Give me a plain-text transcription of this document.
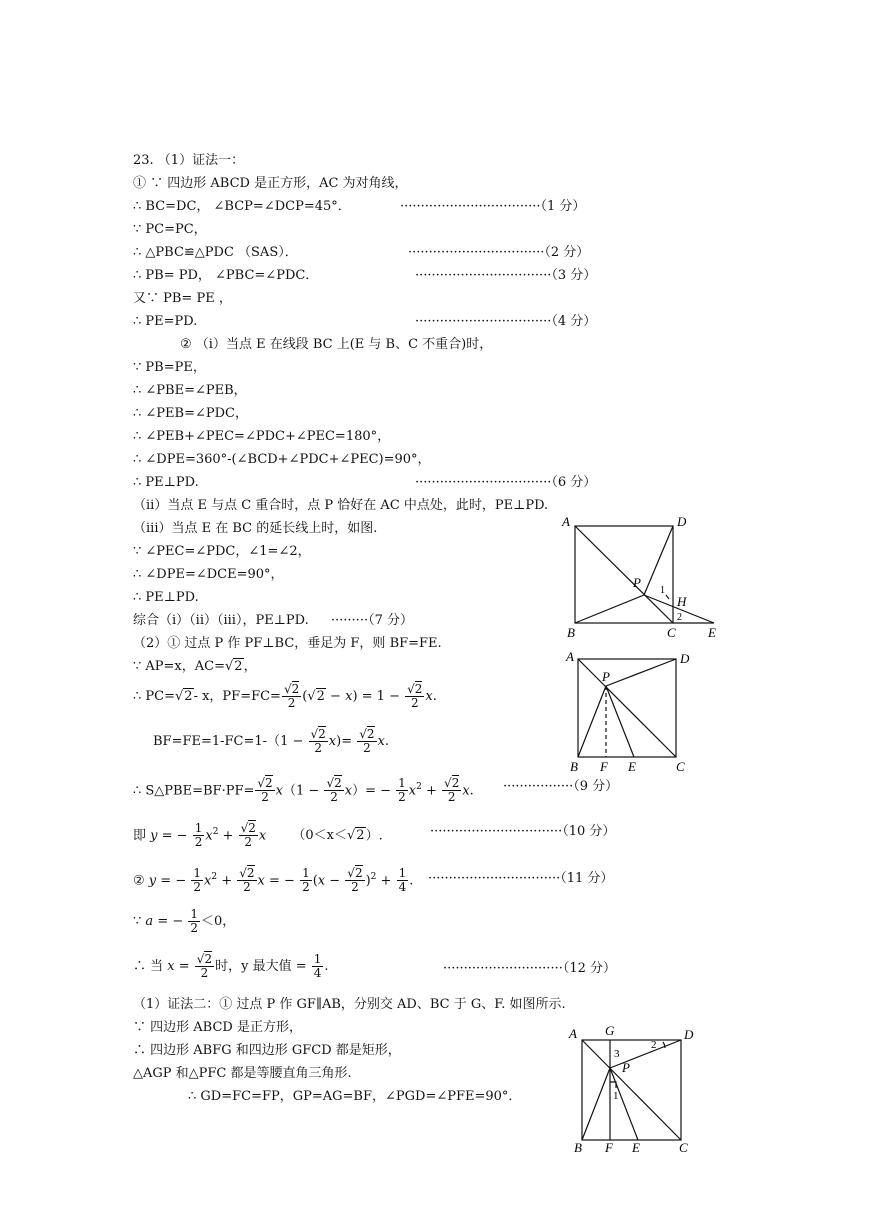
23. （1）证法一：
① ∵ 四边形 ABCD 是正方形，AC 为对角线，
∴ BC=DC， ∠BCP=∠DCP=45°．	··································（1 分）
∵ PC=PC，
∴ △PBC≌△PDC （SAS）．	·································（2 分）
∴ PB= PD， ∠PBC=∠PDC．	·································（3 分）
又∵ PB= PE ，
∴ PE=PD.	·································（4 分）
② （i）当点 E 在线段 BC 上(E 与 B、C 不重合)时，
∵ PB=PE，
∴ ∠PBE=∠PEB，
∴ ∠PEB=∠PDC，
∴ ∠PEB+∠PEC=∠PDC+∠PEC=180°，
∴ ∠DPE=360°-(∠BCD+∠PDC+∠PEC)=90°，
∴ PE⊥PD.	·································（6 分）
（ii）当点 E 与点 C 重合时，点 P 恰好在 AC 中点处，此时，PE⊥PD.
（iii）当点 E 在 BC 的延长线上时，如图.
∵ ∠PEC=∠PDC，∠1=∠2，
∴ ∠DPE=∠DCE=90°，
∴ PE⊥PD.
综合（i）（ii）（iii），PE⊥PD. ·········（7 分）
（2）① 过点 P 作 PF⊥BC，垂足为 F，则 BF=FE.
∵ AP=x，AC=√2，
∴ PC=√2- x，$PF=FC= \frac{√2}{2} (√2 - x) = 1 - \frac{√2}{2} x$.
$BF=FE=1-FC=1-(1 - \frac{√2}{2} x)= \frac{√2}{2} x$.
∴ S△PBE=BF·PF= $\frac{√2}{2} x(1 - \frac{√2}{2} x)= - \frac{1}{2} x^2 + \frac{√2}{2} x$. ·················（9 分）
即 y = − $\frac{1}{2} x^2 + \frac{√2}{2}$ x （0＜x＜√2）.	································（10 分）
② y = − $\frac{1}{2} x^2 + \frac{√2}{2}$ x = − $\frac{1}{2} (x - \frac{√2}{2} )^2 + \frac{1}{4}$ . ································（11 分）
∵ a = − $\frac{1}{2} <0$，
∴ 当 $x = \frac{√2}{2}$ 时，y 最大值 = $\frac{1}{4}$ .	·····························（12 分）
（1）证法二：① 过点 P 作 GF∥AB，分别交 AD、BC 于 G、F. 如图所示.
∵ 四边形 ABCD 是正方形，
∴ 四边形 ABFG 和四边形 GFCD 都是矩形，
△AGP 和△PFC 都是等腰直角三角形.
∴ GD=FC=FP，GP=AG=BF，∠PGD=∠PFE=90°．
A	D
B	C E
P
H
1
2
A	D
B	C
F E
P
A G	D
B F E	C
P
3
2
1
